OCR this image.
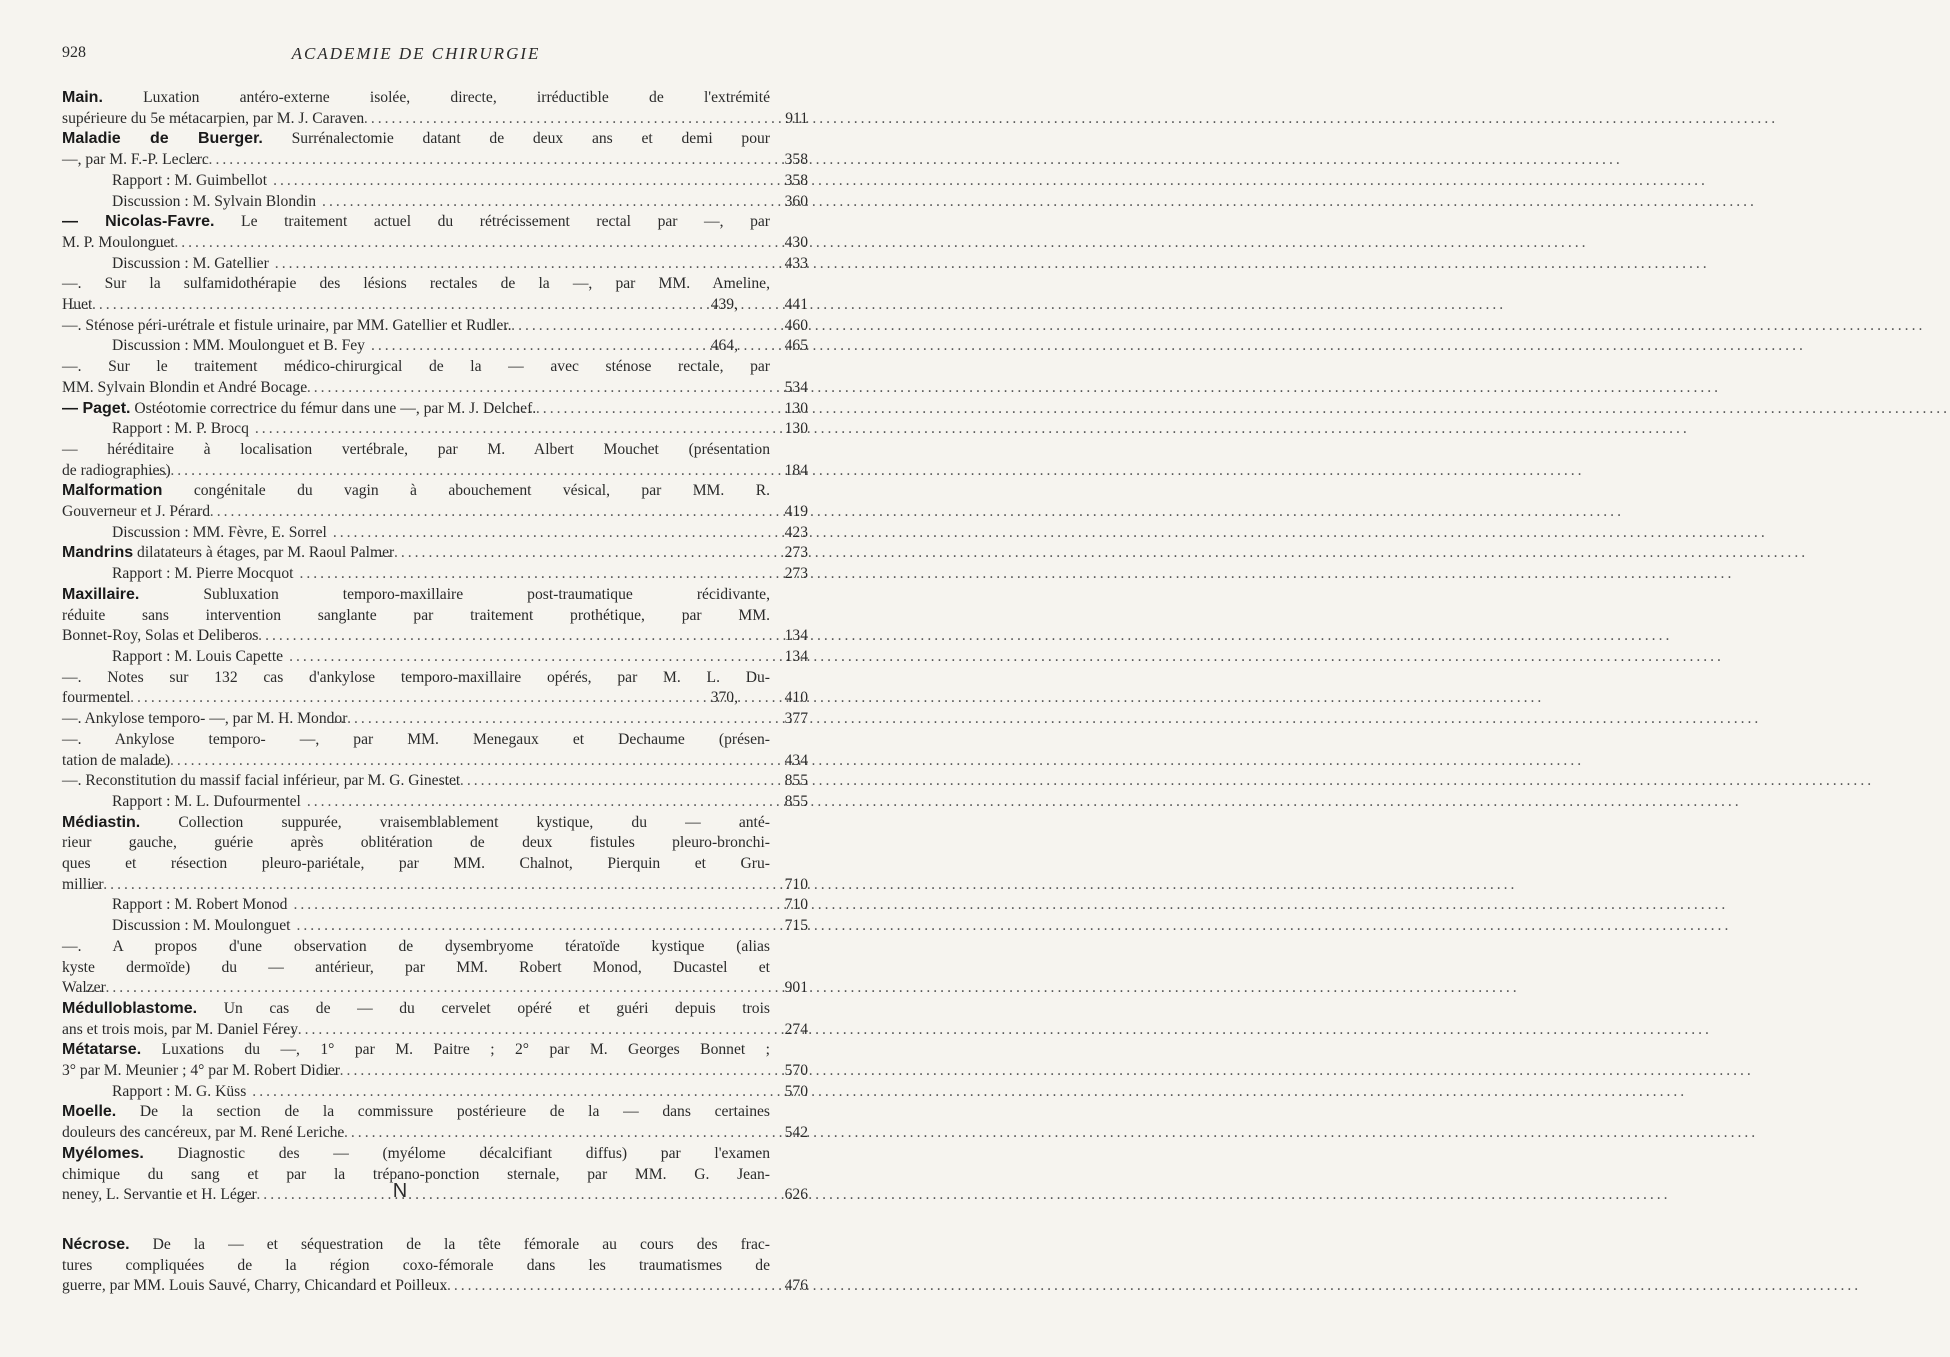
928	ACADEMIE DE CHIRURGIE
Main. Luxation antéro-externe isolée, directe, irréductible de l'extrémité
supérieure du 5e métacarpien, par M. J. Caraven .....	911
Maladie de Buerger. Surrénalectomie datant de deux ans et demi pour
—, par M. F.-P. Leclerc .....	358
Rapport : M. Guimbellot .....	358
Discussion : M. Sylvain Blondin .....	360
— Nicolas-Favre. Le traitement actuel du rétrécissement rectal par —, par
M. P. Moulonguet .....	430
Discussion : M. Gatellier .....	433
—. Sur la sulfamidothérapie des lésions rectales de la —, par MM. Ameline,
Huet .....	439,	441
—. Sténose péri-urétrale et fistule urinaire, par MM. Gatellier et Rudler. .....	460
Discussion : MM. Moulonguet et B. Fey .....	464,	465
—. Sur le traitement médico-chirurgical de la — avec sténose rectale, par
MM. Sylvain Blondin et André Bocage .....	534
— Paget. Ostéotomie correctrice du fémur dans une —, par M. J. Delchef. .....	130
Rapport : M. P. Brocq .....	130
— héréditaire à localisation vertébrale, par M. Albert Mouchet (présentation
de radiographies) .....	184
Malformation congénitale du vagin à abouchement vésical, par MM. R.
Gouverneur et J. Pérard .....	419
Discussion : MM. Fèvre, E. Sorrel .....	423
Mandrins dilatateurs à étages, par M. Raoul Palmer .....	273
Rapport : M. Pierre Mocquot .....	273
Maxillaire. Subluxation temporo-maxillaire post-traumatique récidivante,
réduite sans intervention sanglante par traitement prothétique, par MM.
Bonnet-Roy, Solas et Deliberos .....	134
Rapport : M. Louis Capette .....	134
—. Notes sur 132 cas d'ankylose temporo-maxillaire opérés, par M. L. Du-
fourmentel .....	370,	410
—. Ankylose temporo- —, par M. H. Mondor .....	377
—. Ankylose temporo- —, par MM. Menegaux et Dechaume (présen-
tation de malade) .....	434
—. Reconstitution du massif facial inférieur, par M. G. Ginestet .....	855
Rapport : M. L. Dufourmentel .....	855
Médiastin. Collection suppurée, vraisemblablement kystique, du — anté-
rieur gauche, guérie après oblitération de deux fistules pleuro-bronchi-
ques et résection pleuro-pariétale, par MM. Chalnot, Pierquin et Gru-
millier .....	710
Rapport : M. Robert Monod .....	710
Discussion : M. Moulonguet .....	715
—. A propos d'une observation de dysembryome tératoïde kystique (alias
kyste dermoïde) du — antérieur, par MM. Robert Monod, Ducastel et
Walzer .....	901
Médulloblastome. Un cas de — du cervelet opéré et guéri depuis trois
ans et trois mois, par M. Daniel Férey .....	274
Métatarse. Luxations du —, 1° par M. Paitre ; 2° par M. Georges Bonnet ;
3° par M. Meunier ; 4° par M. Robert Didier .....	570
Rapport : M. G. Küss .....	570
Moelle. De la section de la commissure postérieure de la — dans certaines
douleurs des cancéreux, par M. René Leriche .....	542
Myélomes. Diagnostic des — (myélome décalcifiant diffus) par l'examen
chimique du sang et par la trépano-ponction sternale, par MM. G. Jean-
neney, L. Servantie et H. Léger .....	626
N
Nécrose. De la — et séquestration de la tête fémorale au cours des frac-
tures compliquées de la région coxo-fémorale dans les traumatismes de
guerre, par MM. Louis Sauvé, Charry, Chicandard et Poilleux .....	476
